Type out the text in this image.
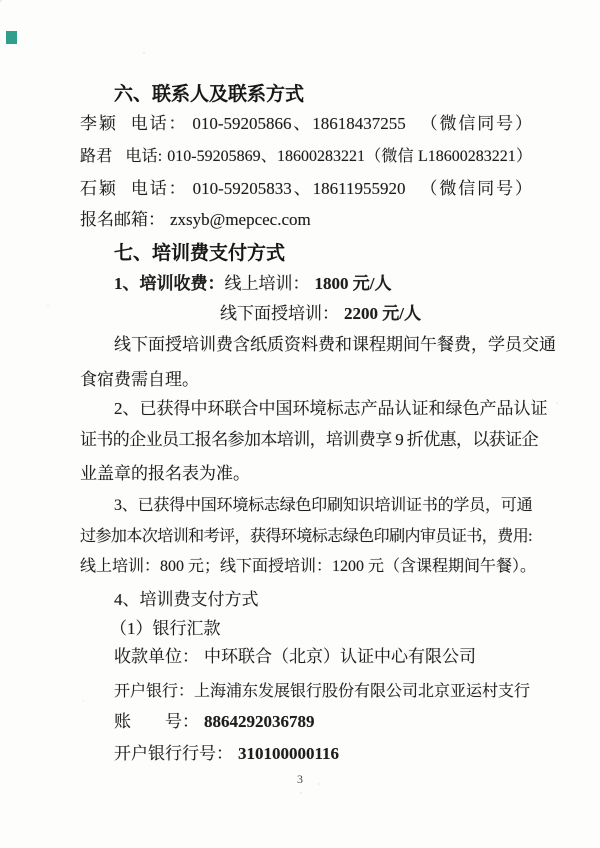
六、联系人及联系方式
李颖 电话： 010-59205866、18618437255 （微信同号）
路君 电话: 010-59205869、18600283221（微信 L18600283221）
石颖 电话： 010-59205833、18611955920 （微信同号）
报名邮箱： zxsyb@mepcec.com
七、培训费支付方式
1、培训收费：线上培训： 1800 元/人
线下面授培训： 2200 元/人
线下面授培训费含纸质资料费和课程期间午餐费，学员交通
食宿费需自理。
2、已获得中环联合中国环境标志产品认证和绿色产品认证
证书的企业员工报名参加本培训，培训费享 9 折优惠，以获证企
业盖章的报名表为准。
3、已获得中国环境标志绿色印刷知识培训证书的学员，可通
过参加本次培训和考评，获得环境标志绿色印刷内审员证书，费用:
线上培训：800 元；线下面授培训：1200 元（含课程期间午餐）。
4、培训费支付方式
（1）银行汇款
收款单位： 中环联合（北京）认证中心有限公司
开户银行：上海浦东发展银行股份有限公司北京亚运村支行
账　　号： 8864292036789
开户银行行号： 310100000116
3
